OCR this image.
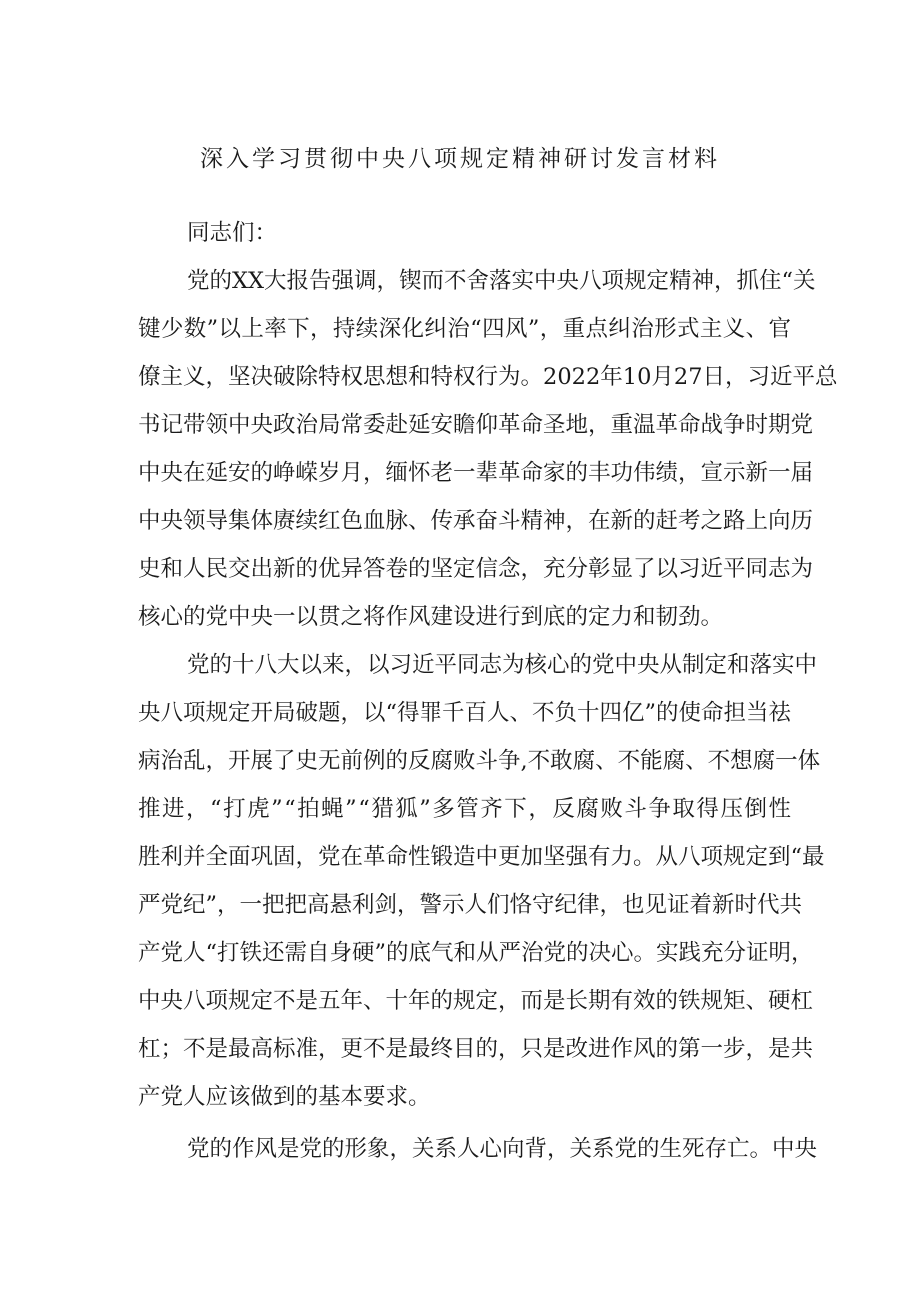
深入学习贯彻中央八项规定精神研讨发言材料

同志们：

党的XX大报告强调，锲而不舍落实中央八项规定精神，抓住“关

键少数”以上率下，持续深化纠治“四风”，重点纠治形式主义、官

僚主义，坚决破除特权思想和特权行为。2022年10月27日，习近平总

书记带领中央政治局常委赴延安瞻仰革命圣地，重温革命战争时期党

中央在延安的峥嵘岁月，缅怀老一辈革命家的丰功伟绩，宣示新一届

中央领导集体赓续红色血脉、传承奋斗精神，在新的赶考之路上向历

史和人民交出新的优异答卷的坚定信念，充分彰显了以习近平同志为

核心的党中央一以贯之将作风建设进行到底的定力和韧劲。

党的十八大以来，以习近平同志为核心的党中央从制定和落实中

央八项规定开局破题，以“得罪千百人、不负十四亿”的使命担当祛

病治乱，开展了史无前例的反腐败斗争,不敢腐、不能腐、不想腐一体

推进，“打虎”“拍蝇”“猎狐”多管齐下，反腐败斗争取得压倒性

胜利并全面巩固，党在革命性锻造中更加坚强有力。从八项规定到“最

严党纪”，一把把高悬利剑，警示人们恪守纪律，也见证着新时代共

产党人“打铁还需自身硬”的底气和从严治党的决心。实践充分证明，

中央八项规定不是五年、十年的规定，而是长期有效的铁规矩、硬杠

杠；不是最高标准，更不是最终目的，只是改进作风的第一步，是共

产党人应该做到的基本要求。

党的作风是党的形象，关系人心向背，关系党的生死存亡。中央
